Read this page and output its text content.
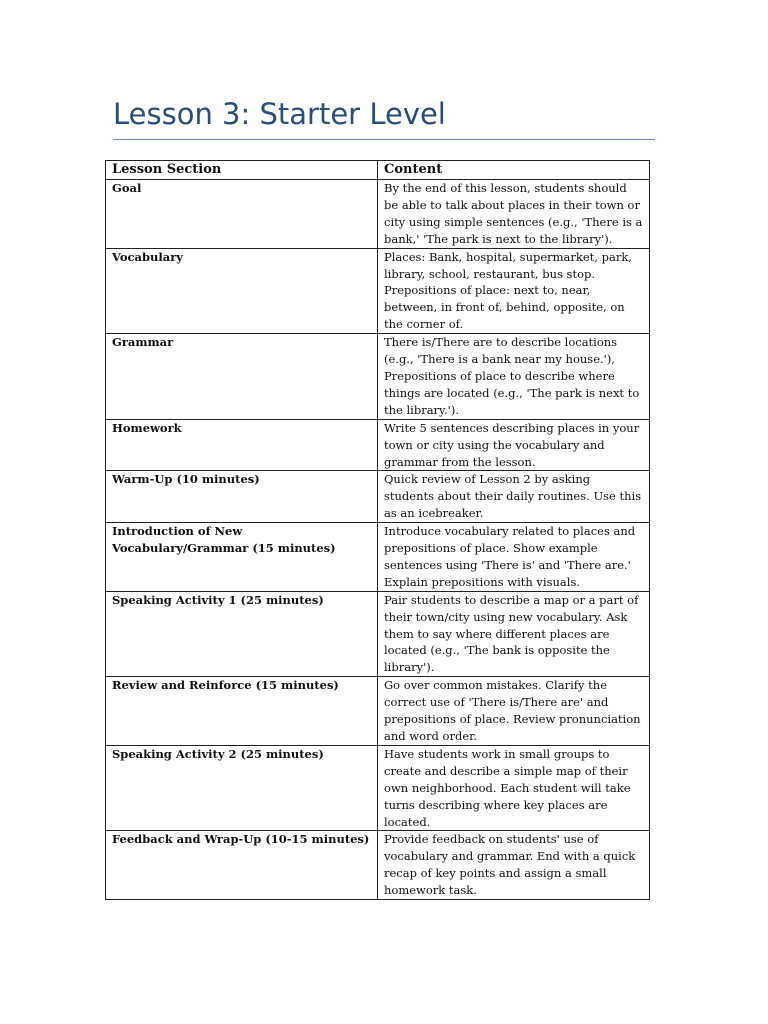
Lesson 3: Starter Level
Lesson Section	Content
Goal	By the end of this lesson, students should be able to talk about places in their town or city using simple sentences (e.g., 'There is a bank,' 'The park is next to the library').
Vocabulary	Places: Bank, hospital, supermarket, park, library, school, restaurant, bus stop. Prepositions of place: next to, near, between, in front of, behind, opposite, on the corner of.
Grammar	There is/There are to describe locations (e.g., 'There is a bank near my house.'), Prepositions of place to describe where things are located (e.g., 'The park is next to the library.').
Homework	Write 5 sentences describing places in your town or city using the vocabulary and grammar from the lesson.
Warm-Up (10 minutes)	Quick review of Lesson 2 by asking students about their daily routines. Use this as an icebreaker.
Introduction of New Vocabulary/Grammar (15 minutes)	Introduce vocabulary related to places and prepositions of place. Show example sentences using 'There is' and 'There are.' Explain prepositions with visuals.
Speaking Activity 1 (25 minutes)	Pair students to describe a map or a part of their town/city using new vocabulary. Ask them to say where different places are located (e.g., 'The bank is opposite the library').
Review and Reinforce (15 minutes)	Go over common mistakes. Clarify the correct use of 'There is/There are' and prepositions of place. Review pronunciation and word order.
Speaking Activity 2 (25 minutes)	Have students work in small groups to create and describe a simple map of their own neighborhood. Each student will take turns describing where key places are located.
Feedback and Wrap-Up (10-15 minutes)	Provide feedback on students' use of vocabulary and grammar. End with a quick recap of key points and assign a small homework task.
